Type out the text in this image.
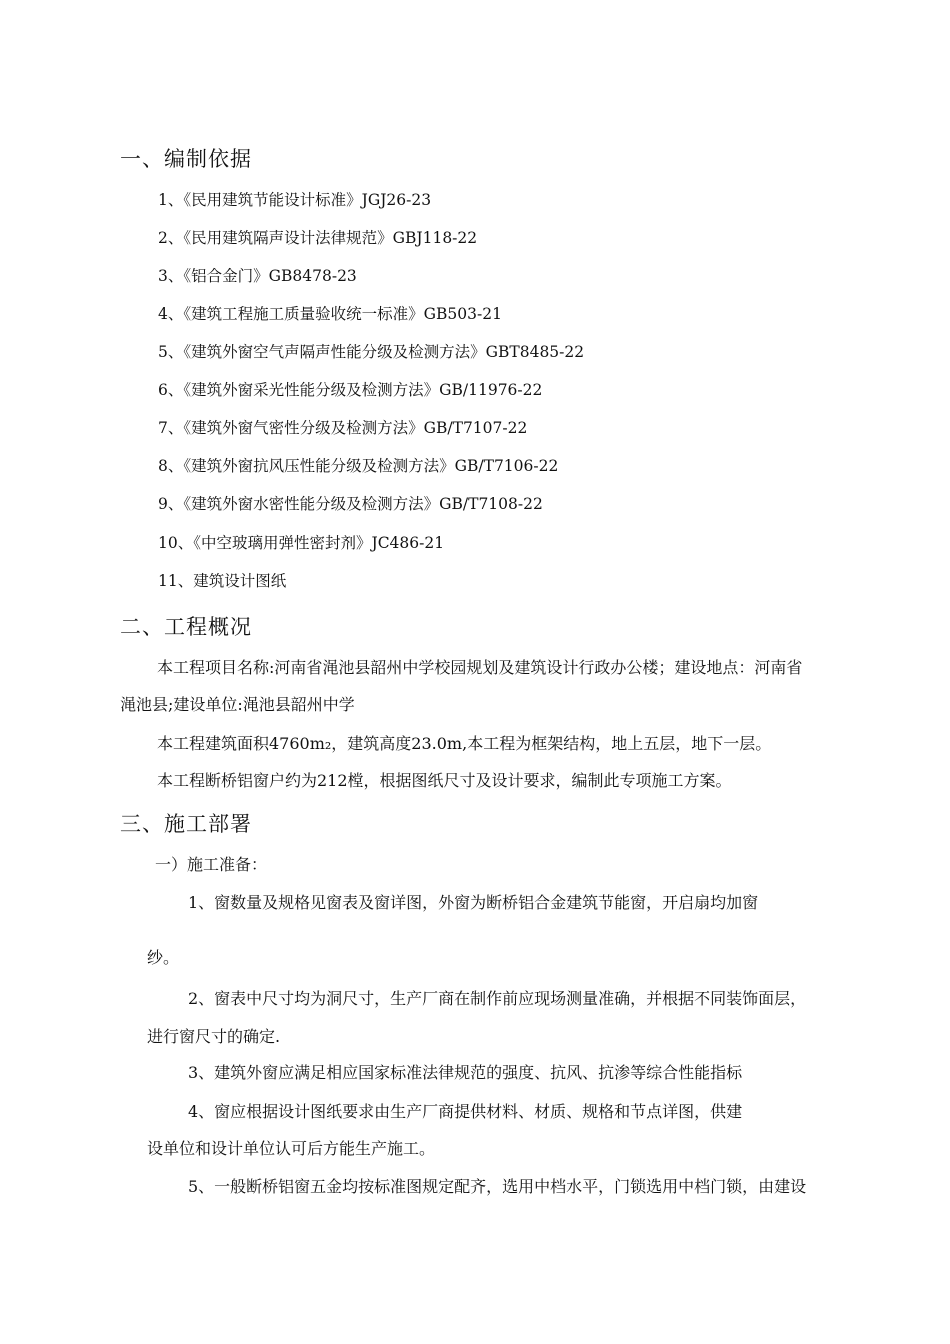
一、编制依据
1、《民用建筑节能设计标准》JGJ26-23
2、《民用建筑隔声设计法律规范》GBJ118-22
3、《铝合金门》GB8478-23
4、《建筑工程施工质量验收统一标准》GB503-21
5、《建筑外窗空气声隔声性能分级及检测方法》GBT8485-22
6、《建筑外窗采光性能分级及检测方法》GB/11976-22
7、《建筑外窗气密性分级及检测方法》GB/T7107-22
8、《建筑外窗抗风压性能分级及检测方法》GB/T7106-22
9、《建筑外窗水密性能分级及检测方法》GB/T7108-22
10、《中空玻璃用弹性密封剂》JC486-21
11、建筑设计图纸
二、工程概况
本工程项目名称:河南省渑池县韶州中学校园规划及建筑设计行政办公楼；建设地点：河南省
渑池县;建设单位:渑池县韶州中学
本工程建筑面积4760m₂，建筑高度23.0m,本工程为框架结构，地上五层，地下一层。
本工程断桥铝窗户约为212樘，根据图纸尺寸及设计要求，编制此专项施工方案。
三、施工部署
一）施工准备：
1、窗数量及规格见窗表及窗详图，外窗为断桥铝合金建筑节能窗，开启扇均加窗
纱。
2、窗表中尺寸均为洞尺寸，生产厂商在制作前应现场测量准确，并根据不同装饰面层，
进行窗尺寸的确定.
3、建筑外窗应满足相应国家标准法律规范的强度、抗风、抗渗等综合性能指标
4、窗应根据设计图纸要求由生产厂商提供材料、材质、规格和节点详图，供建
设单位和设计单位认可后方能生产施工。
5、一般断桥铝窗五金均按标准图规定配齐，选用中档水平，门锁选用中档门锁，由建设
